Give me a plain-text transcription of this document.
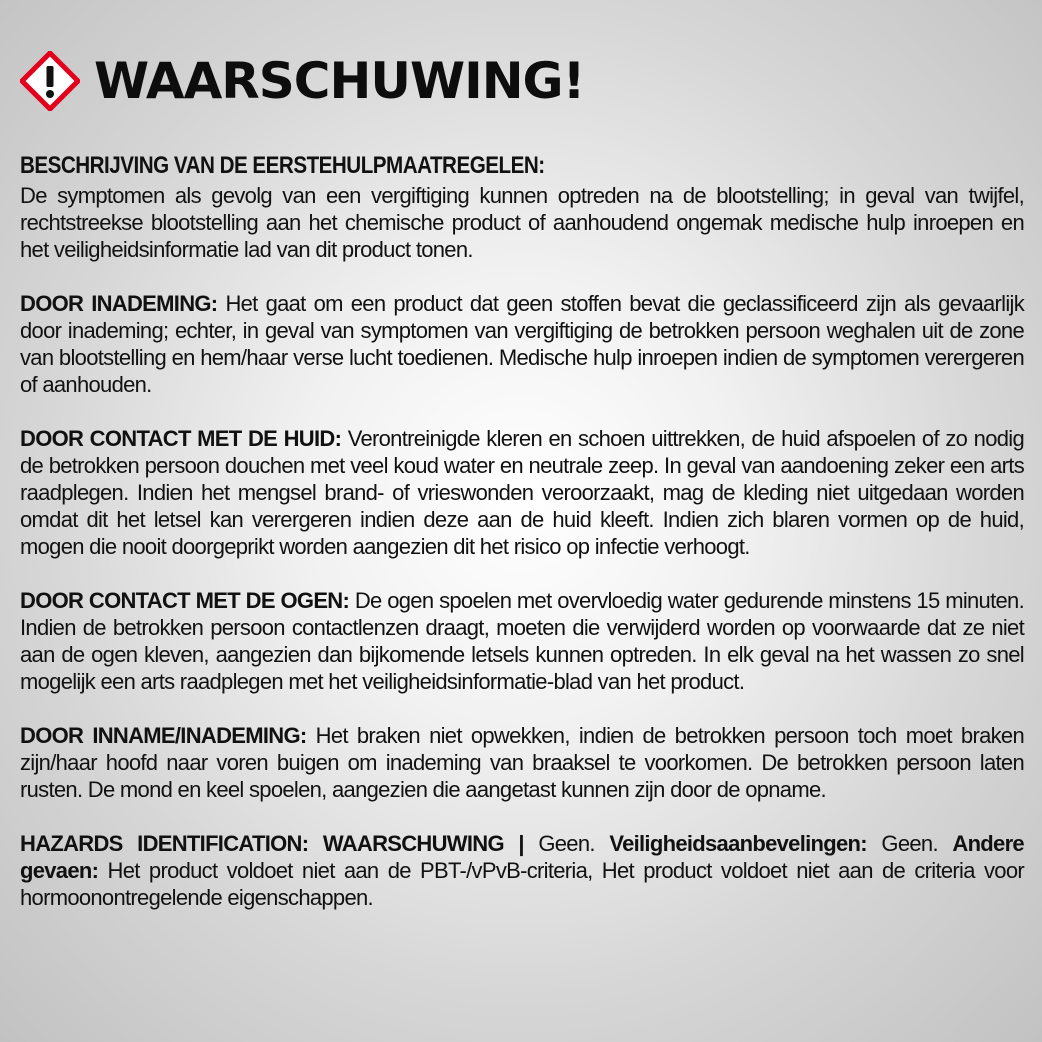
WAARSCHUWING!
BESCHRIJVING VAN DE EERSTEHULPMAATREGELEN:

De symptomen als gevolg van een vergiftiging kunnen optreden na de blootstelling; in geval van twijfel, rechtstreekse blootstelling aan het chemische product of aanhoudend ongemak medische hulp inroepen en het veiligheidsinformatie lad van dit product tonen.

DOOR INADEMING: Het gaat om een product dat geen stoffen bevat die geclassificeerd zijn als gevaarlijk door inademing; echter, in geval van symptomen van vergiftiging de betrokken persoon weghalen uit de zone van blootstelling en hem/haar verse lucht toedienen. Medische hulp inroepen indien de symptomen verergeren of aanhouden.

DOOR CONTACT MET DE HUID: Verontreinigde kleren en schoen uittrekken, de huid afspoelen of zo nodig de betrokken persoon douchen met veel koud water en neutrale zeep. In geval van aandoening zeker een arts raadplegen. Indien het mengsel brand- of vrieswonden veroorzaakt, mag de kleding niet uitgedaan worden omdat dit het letsel kan verergeren indien deze aan de huid kleeft. Indien zich blaren vormen op de huid, mogen die nooit doorgeprikt worden aangezien dit het risico op infectie verhoogt.

DOOR CONTACT MET DE OGEN: De ogen spoelen met overvloedig water gedurende minstens 15 minuten. Indien de betrokken persoon contactlenzen draagt, moeten die verwijderd worden op voorwaarde dat ze niet aan de ogen kleven, aangezien dan bijkomende letsels kunnen optreden. In elk geval na het wassen zo snel mogelijk een arts raadplegen met het veiligheidsinformatie-blad van het product.

DOOR INNAME/INADEMING: Het braken niet opwekken, indien de betrokken persoon toch moet braken zijn/haar hoofd naar voren buigen om inademing van braaksel te voorkomen. De betrokken persoon laten rusten. De mond en keel spoelen, aangezien die aangetast kunnen zijn door de opname.

HAZARDS IDENTIFICATION: WAARSCHUWING | Geen. Veiligheidsaanbevelingen: Geen. Andere gevaen: Het product voldoet niet aan de PBT-/vPvB-criteria, Het product voldoet niet aan de criteria voor hormoonontregelende eigenschappen.
